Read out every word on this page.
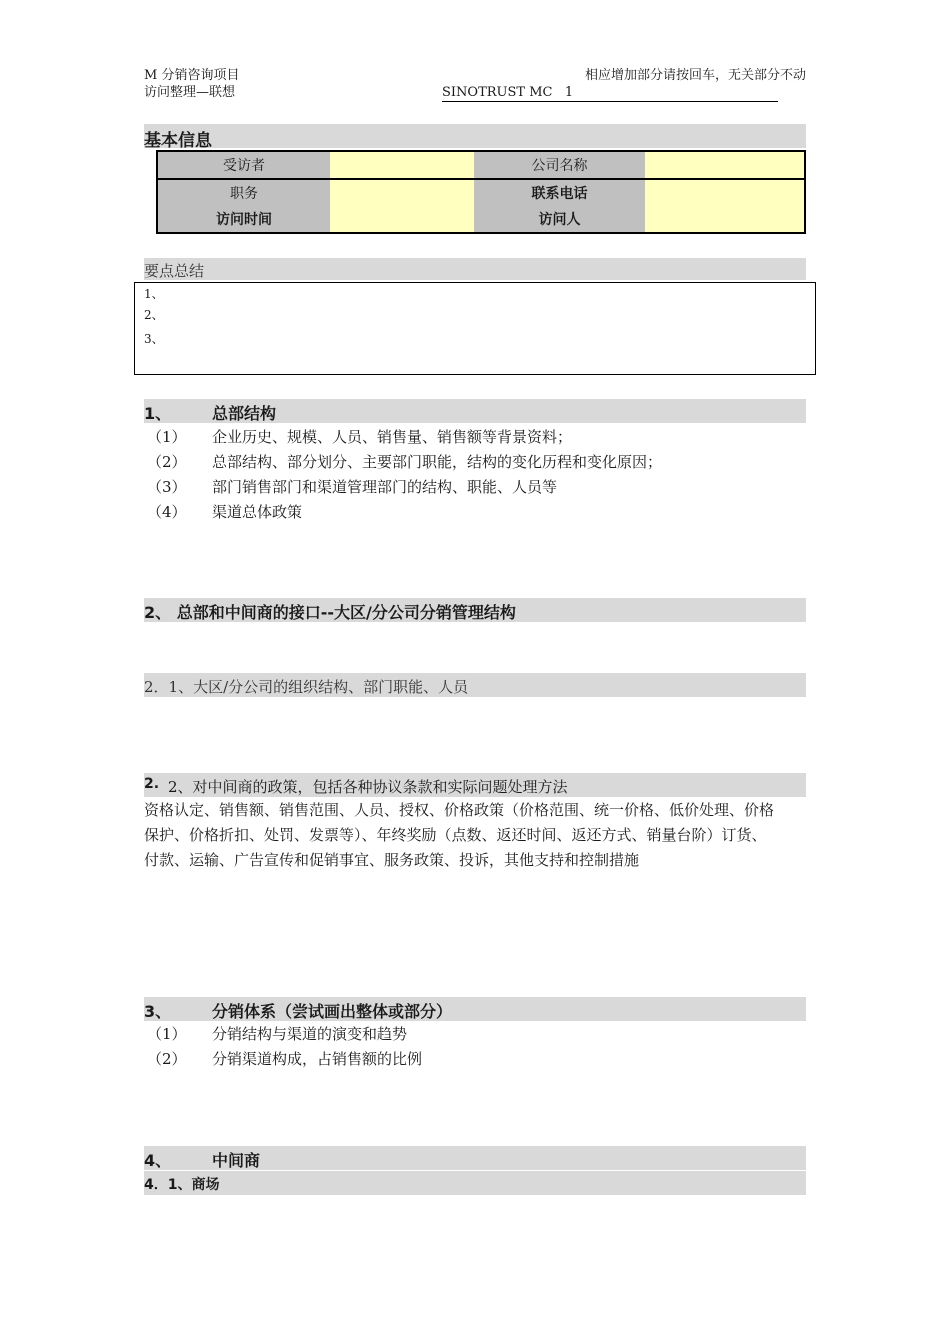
M 分销咨询项目
访问整理—联想
相应增加部分请按回车，无关部分不动
SINOTRUST MC 1
基本信息
受访者		公司名称	
职务		联系电话	
访问时间		访问人	
要点总结
1、
2、
3、
1、	总部结构
（1） 企业历史、规模、人员、销售量、销售额等背景资料；
（2） 总部结构、部分划分、主要部门职能，结构的变化历程和变化原因；
（3） 部门销售部门和渠道管理部门的结构、职能、人员等
（4） 渠道总体政策
2、 总部和中间商的接口--大区/分公司分销管理结构
2．1、大区/分公司的组织结构、部门职能、人员
2. 2、对中间商的政策，包括各种协议条款和实际问题处理方法
资格认定、销售额、销售范围、人员、授权、价格政策（价格范围、统一价格、低价处理、价格
保护、价格折扣、处罚、发票等）、年终奖励（点数、返还时间、返还方式、销量台阶）订货、
付款、运输、广告宣传和促销事宜、服务政策、投诉，其他支持和控制措施
3、	分销体系（尝试画出整体或部分）
（1） 分销结构与渠道的演变和趋势
（2） 分销渠道构成，占销售额的比例
4、	中间商
4．1、商场
